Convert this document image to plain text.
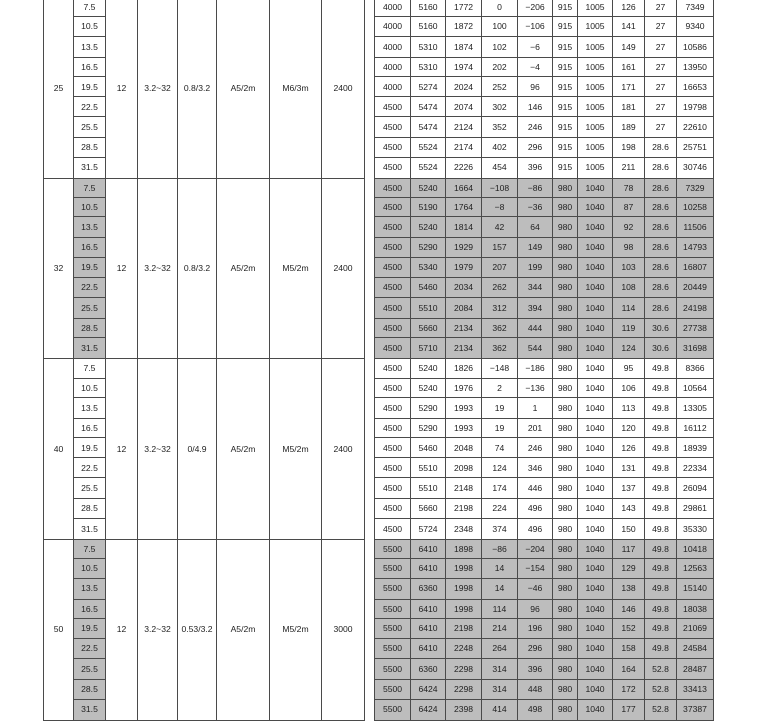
25	7.5	12	3.2~32	0.8/3.2	A5/2m	M6/3m	2400		4000	5160	1772	0	−206	915	1005	126	27	7349
	10.5								4000	5160	1872	100	−106	915	1005	141	27	9340
	13.5								4000	5310	1874	102	−6	915	1005	149	27	10586
	16.5								4000	5310	1974	202	−4	915	1005	161	27	13950
	19.5								4000	5274	2024	252	96	915	1005	171	27	16653
	22.5								4500	5474	2074	302	146	915	1005	181	27	19798
	25.5								4500	5474	2124	352	246	915	1005	189	27	22610
	28.5								4500	5524	2174	402	296	915	1005	198	28.6	25751
	31.5								4500	5524	2226	454	396	915	1005	211	28.6	30746
32	7.5	12	3.2~32	0.8/3.2	A5/2m	M5/2m	2400		4500	5240	1664	−108	−86	980	1040	78	28.6	7329
	10.5								4500	5190	1764	−8	−36	980	1040	87	28.6	10258
	13.5								4500	5240	1814	42	64	980	1040	92	28.6	11506
	16.5								4500	5290	1929	157	149	980	1040	98	28.6	14793
	19.5								4500	5340	1979	207	199	980	1040	103	28.6	16807
	22.5								4500	5460	2034	262	344	980	1040	108	28.6	20449
	25.5								4500	5510	2084	312	394	980	1040	114	28.6	24198
	28.5								4500	5660	2134	362	444	980	1040	119	30.6	27738
	31.5								4500	5710	2134	362	544	980	1040	124	30.6	31698
40	7.5	12	3.2~32	0/4.9	A5/2m	M5/2m	2400		4500	5240	1826	−148	−186	980	1040	95	49.8	8366
	10.5								4500	5240	1976	2	−136	980	1040	106	49.8	10564
	13.5								4500	5290	1993	19	1	980	1040	113	49.8	13305
	16.5								4500	5290	1993	19	201	980	1040	120	49.8	16112
	19.5								4500	5460	2048	74	246	980	1040	126	49.8	18939
	22.5								4500	5510	2098	124	346	980	1040	131	49.8	22334
	25.5								4500	5510	2148	174	446	980	1040	137	49.8	26094
	28.5								4500	5660	2198	224	496	980	1040	143	49.8	29861
	31.5								4500	5724	2348	374	496	980	1040	150	49.8	35330
50	7.5	12	3.2~32	0.53/3.2	A5/2m	M5/2m	3000		5500	6410	1898	−86	−204	980	1040	117	49.8	10418
	10.5								5500	6410	1998	14	−154	980	1040	129	49.8	12563
	13.5								5500	6360	1998	14	−46	980	1040	138	49.8	15140
	16.5								5500	6410	1998	114	96	980	1040	146	49.8	18038
	19.5								5500	6410	2198	214	196	980	1040	152	49.8	21069
	22.5								5500	6410	2248	264	296	980	1040	158	49.8	24584
	25.5								5500	6360	2298	314	396	980	1040	164	52.8	28487
	28.5								5500	6424	2298	314	448	980	1040	172	52.8	33413
	31.5								5500	6424	2398	414	498	980	1040	177	52.8	37387
